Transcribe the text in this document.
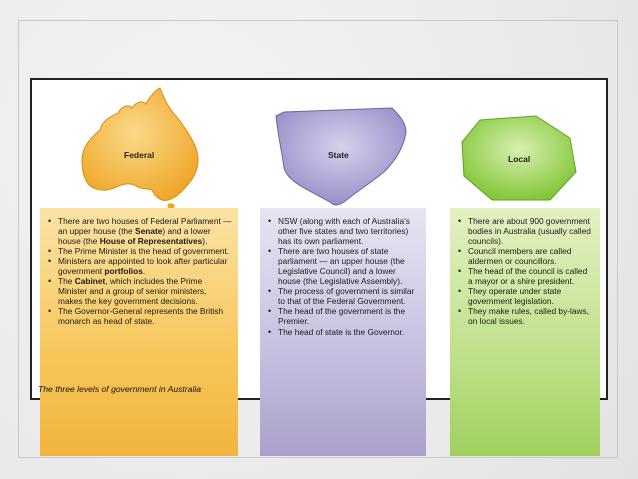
Federal	State	Local
• There are two houses of Federal Parliament — an upper house (the Senate) and a lower house (the House of Representatives).
• The Prime Minister is the head of government.
• Ministers are appointed to look after particular government portfolios.
• The Cabinet, which includes the Prime Minister and a group of senior ministers, makes the key government decisions.
• The Governor-General represents the British monarch as head of state.
• NSW (along with each of Australia's other five states and two territories) has its own parliament.
• There are two houses of state parliament — an upper house (the Legislative Council) and a lower house (the Legislative Assembly).
• The process of government is similar to that of the Federal Government.
• The head of the government is the Premier.
• The head of state is the Governor.
• There are about 900 government bodies in Australia (usually called councils).
• Council members are called aldermen or councillors.
• The head of the council is called a mayor or a shire president.
• They operate under state government legislation.
• They make rules, called by-laws, on local issues.
The three levels of government in Australia
